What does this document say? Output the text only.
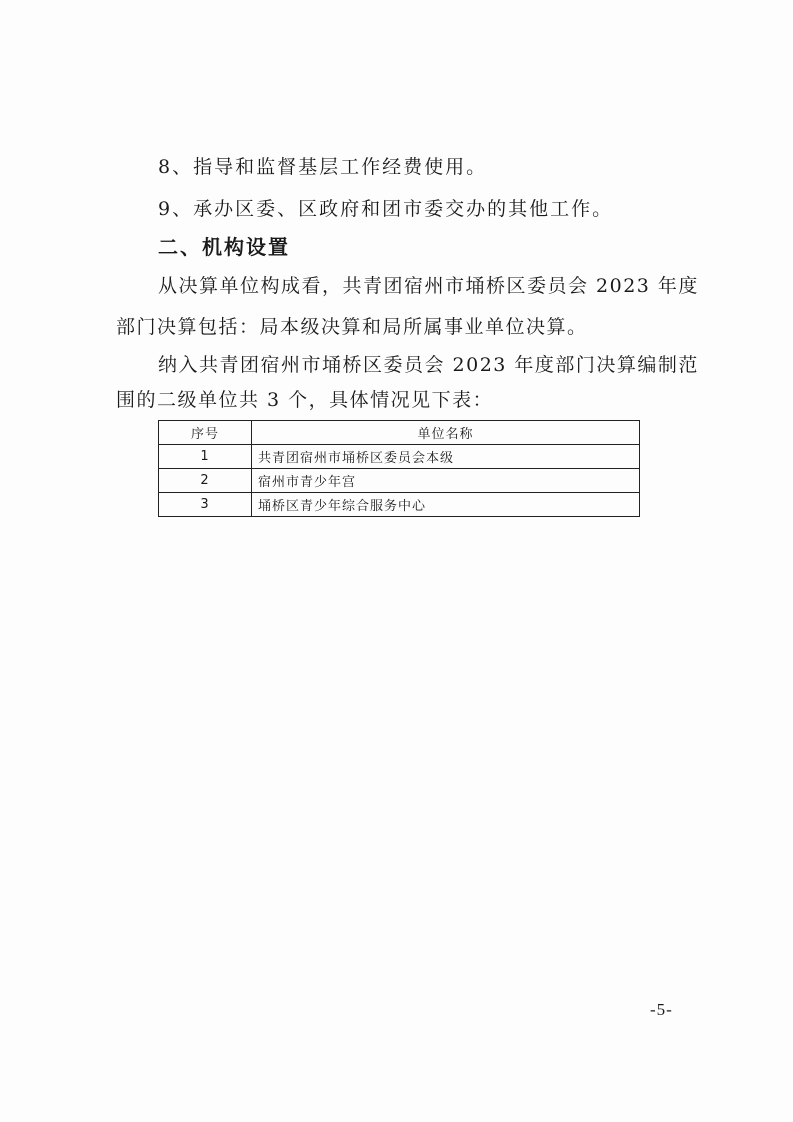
8、指导和监督基层工作经费使用。
9、承办区委、区政府和团市委交办的其他工作。
二、机构设置
从决算单位构成看，共青团宿州市埇桥区委员会 2023 年度
部门决算包括：局本级决算和局所属事业单位决算。
纳入共青团宿州市埇桥区委员会 2023 年度部门决算编制范
围的二级单位共 3 个，具体情况见下表：
序号	单位名称
1	共青团宿州市埇桥区委员会本级
2	宿州市青少年宫
3	埇桥区青少年综合服务中心
-5-
